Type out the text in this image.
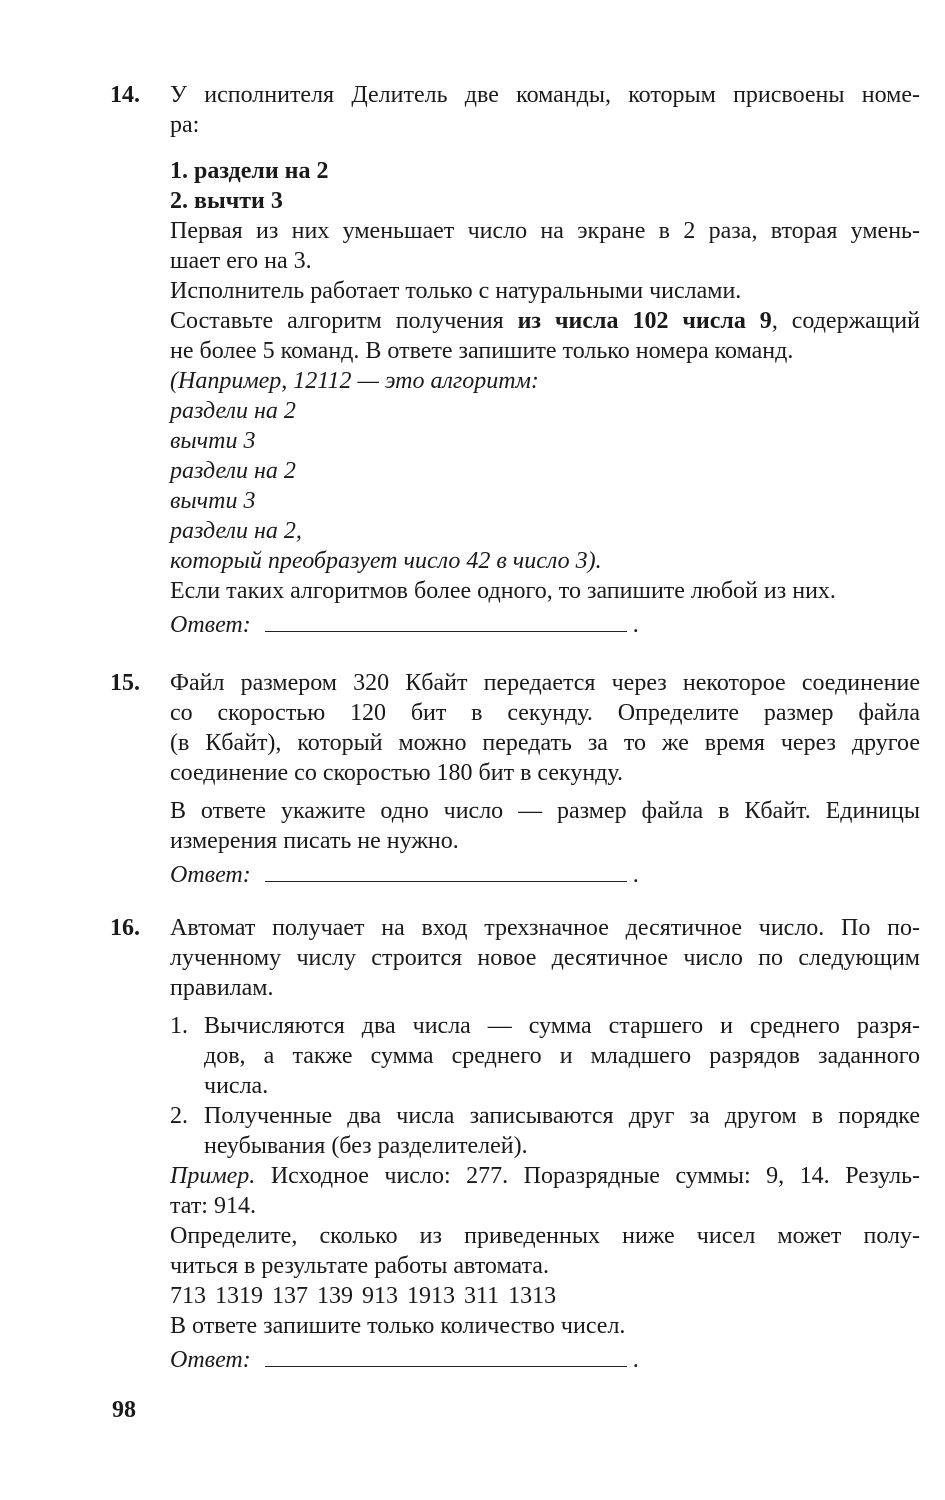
14. У исполнителя Делитель две команды, которым присвоены номе-
ра:
1. раздели на 2
2. вычти 3
Первая из них уменьшает число на экране в 2 раза, вторая умень-
шает его на 3.
Исполнитель работает только с натуральными числами.
Составьте алгоритм получения из числа 102 числа 9, содержащий
не более 5 команд. В ответе запишите только номера команд.
(Например, 12112 — это алгоритм:
раздели на 2
вычти 3
раздели на 2
вычти 3
раздели на 2,
который преобразует число 42 в число 3).
Если таких алгоритмов более одного, то запишите любой из них.
Ответ:	.
15. Файл размером 320 Кбайт передается через некоторое соединение
со скоростью 120 бит в секунду. Определите размер файла
(в Кбайт), который можно передать за то же время через другое
соединение со скоростью 180 бит в секунду.
В ответе укажите одно число — размер файла в Кбайт. Единицы
измерения писать не нужно.
Ответ:	.
16. Автомат получает на вход трехзначное десятичное число. По по-
лученному числу строится новое десятичное число по следующим
правилам.
1. Вычисляются два числа — сумма старшего и среднего разря-
дов, а также сумма среднего и младшего разрядов заданного
числа.
2. Полученные два числа записываются друг за другом в порядке
неубывания (без разделителей).
Пример. Исходное число: 277. Поразрядные суммы: 9, 14. Резуль-
тат: 914.
Определите, сколько из приведенных ниже чисел может полу-
читься в результате работы автомата.
713 1319 137 139 913 1913 311 1313
В ответе запишите только количество чисел.
Ответ:	.
98
